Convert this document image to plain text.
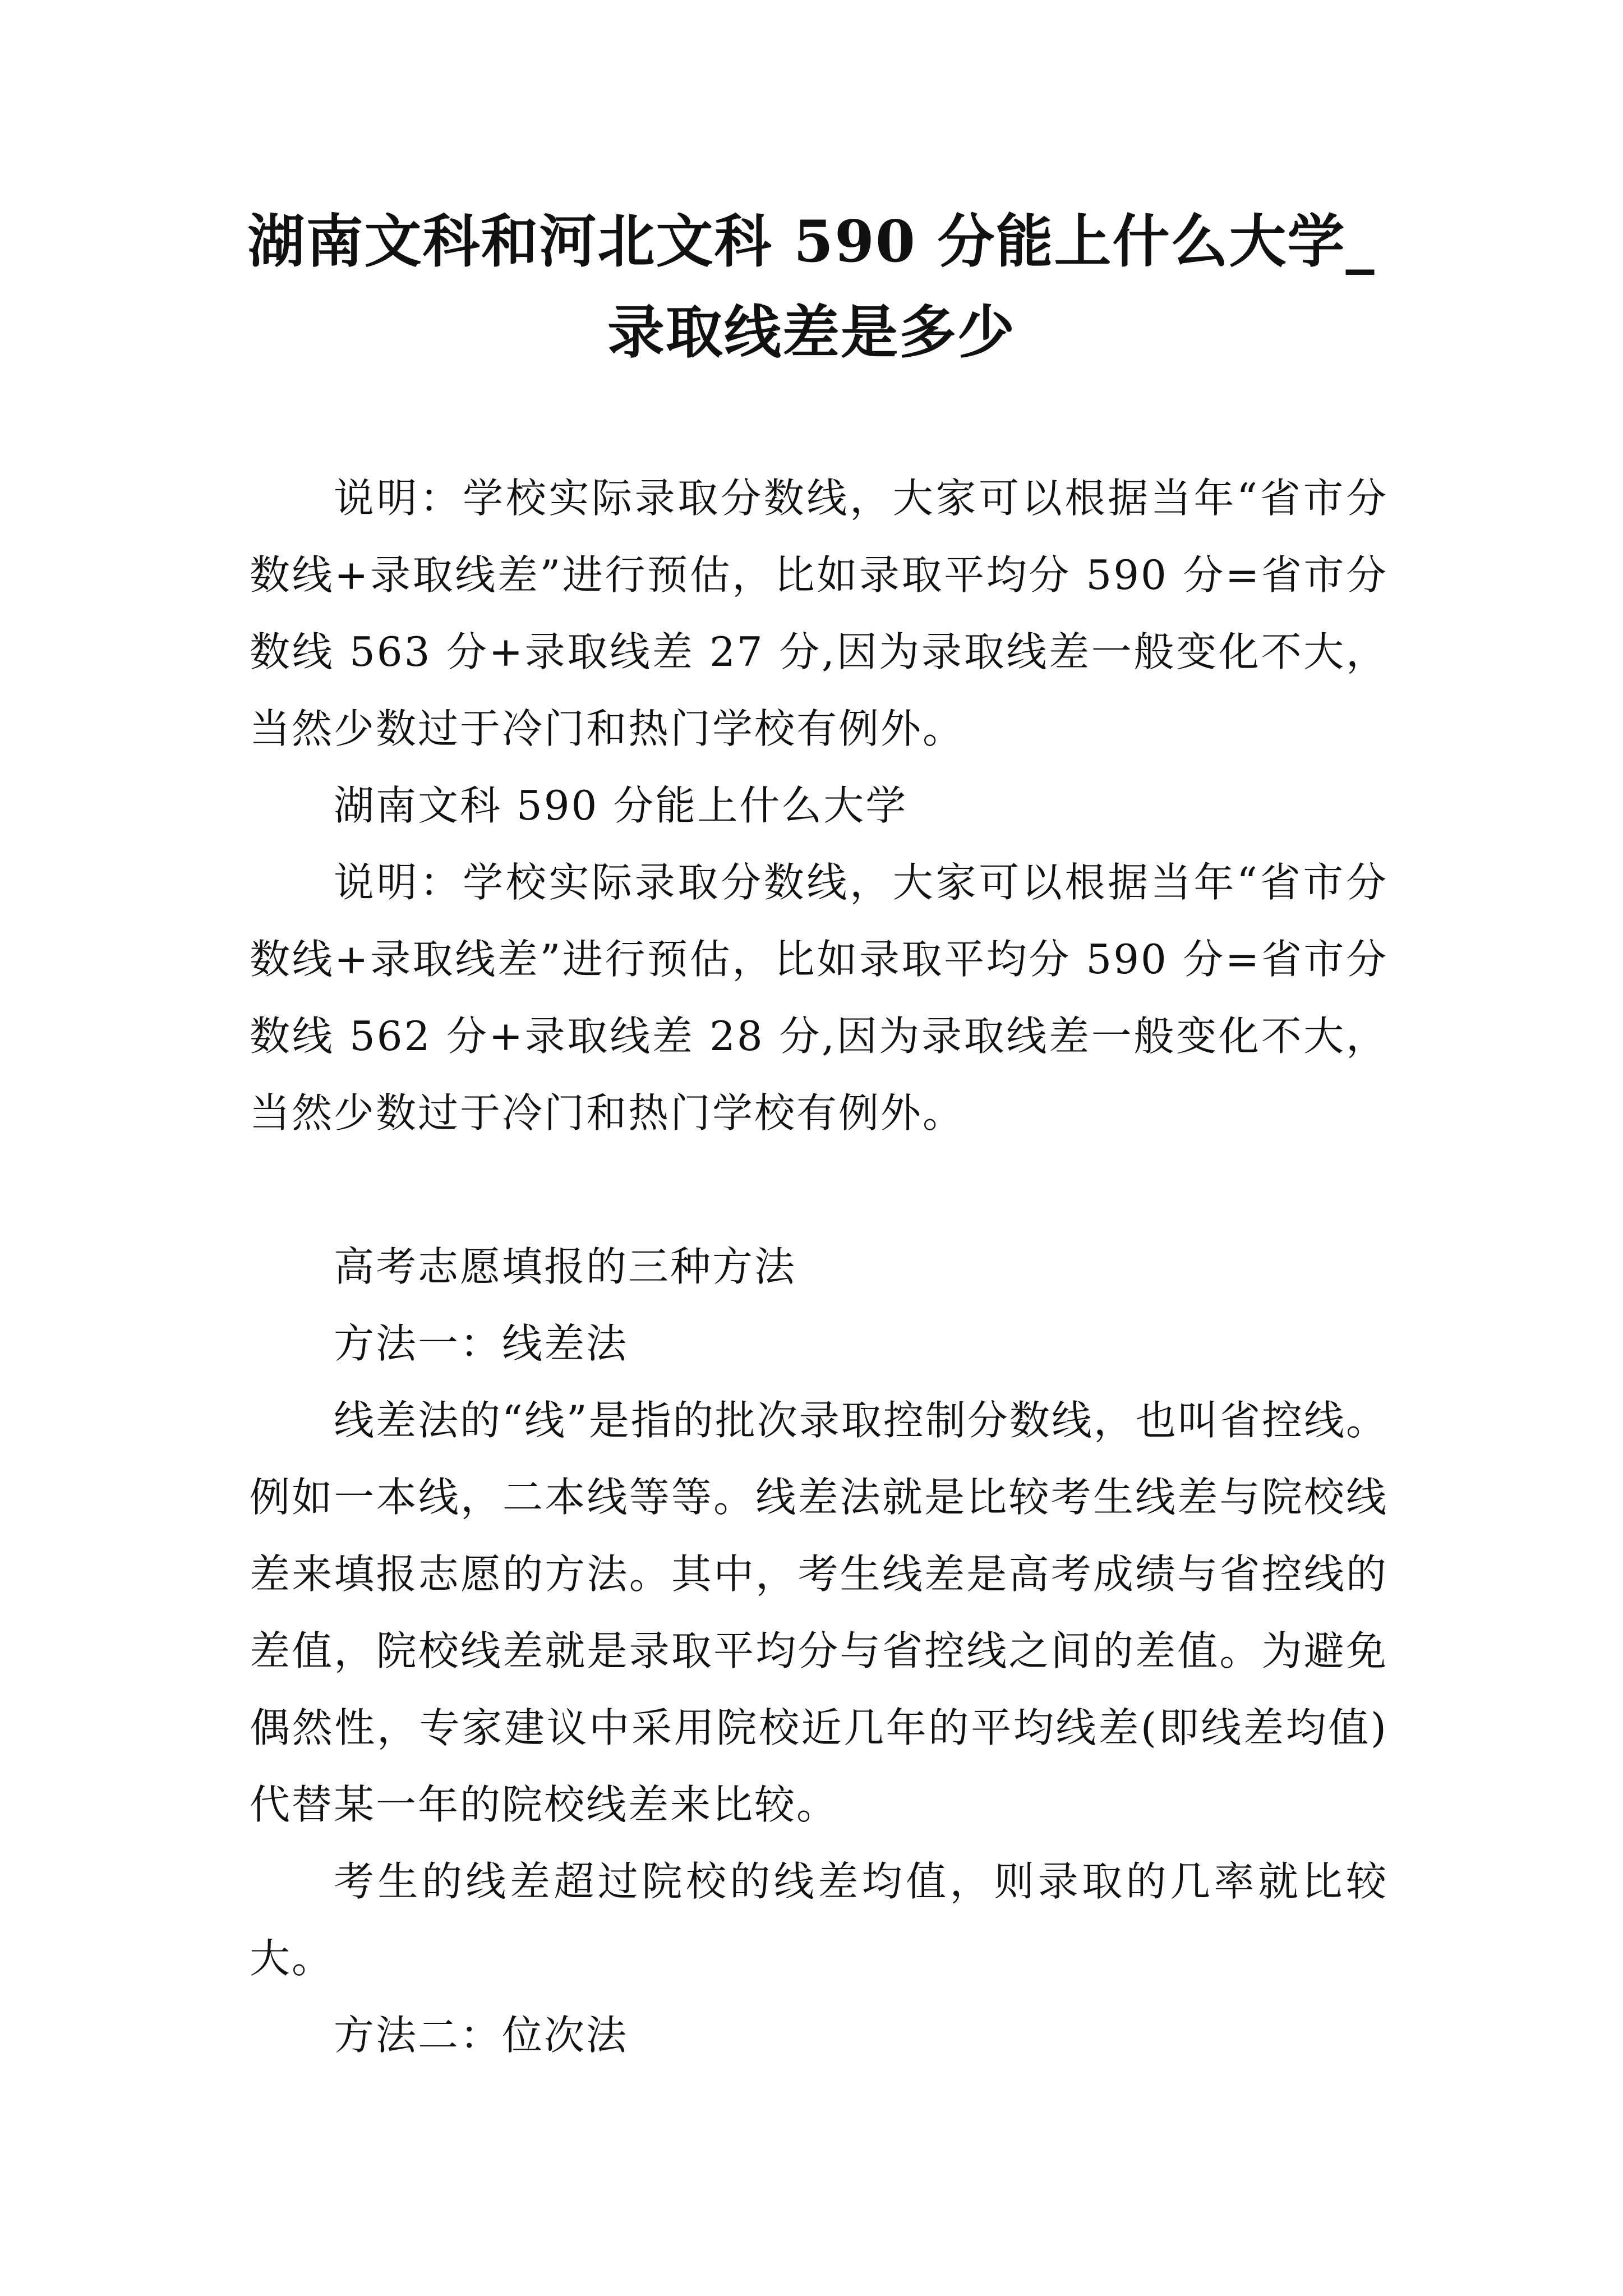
湖南文科和河北文科 590 分能上什么大学_
录取线差是多少

说明：学校实际录取分数线，大家可以根据当年“省市分数线+录取线差”进行预估，比如录取平均分 590 分=省市分数线 563 分+录取线差 27 分,因为录取线差一般变化不大，当然少数过于冷门和热门学校有例外。

湖南文科 590 分能上什么大学

说明：学校实际录取分数线，大家可以根据当年“省市分数线+录取线差”进行预估，比如录取平均分 590 分=省市分数线 562 分+录取线差 28 分,因为录取线差一般变化不大，当然少数过于冷门和热门学校有例外。

高考志愿填报的三种方法

方法一：线差法

线差法的“线”是指的批次录取控制分数线，也叫省控线。例如一本线，二本线等等。线差法就是比较考生线差与院校线差来填报志愿的方法。其中，考生线差是高考成绩与省控线的差值，院校线差就是录取平均分与省控线之间的差值。为避免偶然性，专家建议中采用院校近几年的平均线差(即线差均值)代替某一年的院校线差来比较。

考生的线差超过院校的线差均值，则录取的几率就比较大。

方法二：位次法
